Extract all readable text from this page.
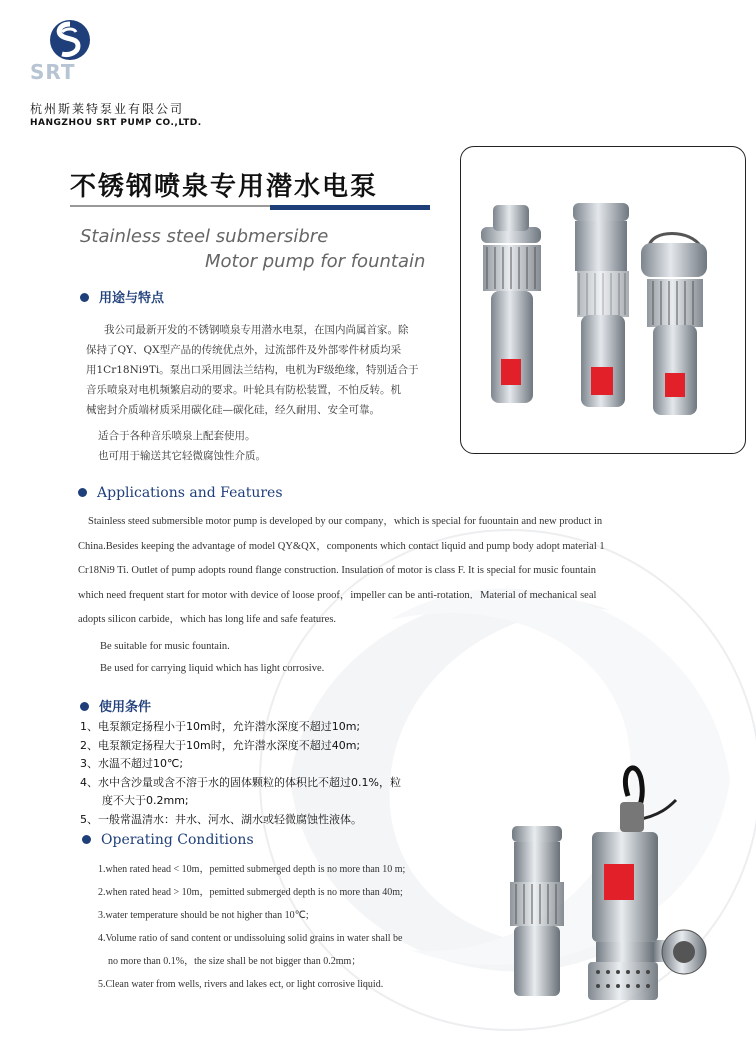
SRT
杭州斯莱特泵业有限公司
HANGZHOU SRT PUMP CO.,LTD.
不锈钢喷泉专用潜水电泵
Stainless steel submersibre
Motor pump for fountain
用途与特点
我公司最新开发的不锈钢喷泉专用潜水电泵，在国内尚属首家。除
保持了QY、QX型产品的传统优点外，过流部件及外部零件材质均采
用1Cr18Ni9Ti。泵出口采用圆法兰结构，电机为F级绝缘，特别适合于
音乐喷泉对电机频繁启动的要求。叶轮具有防松装置，不怕反转。机
械密封介质端材质采用碳化硅—碳化硅，经久耐用、安全可靠。
适合于各种音乐喷泉上配套使用。
也可用于输送其它轻微腐蚀性介质。
Applications and Features
Stainless steed submersible motor pump is developed by our company，which is special for fuountain and new product in
China.Besides keeping the advantage of model QY&QX，components which contact liquid and pump body adopt material 1
Cr18Ni9 Ti. Outlet of pump adopts round flange construction. Insulation of motor is class F. It is special for music fountain
which need frequent start for motor with device of loose proof，impeller can be anti-rotation．Material of mechanical seal
adopts silicon carbide，which has long life and safe features.
Be suitable for music fountain.
Be used for carrying liquid which has light corrosive.
使用条件
1、电泵额定扬程小于10m时，允许潜水深度不超过10m;
2、电泵额定扬程大于10m时，允许潜水深度不超过40m;
3、水温不超过10℃;
4、水中含沙量或含不溶于水的固体颗粒的体积比不超过0.1%，粒
　　度不大于0.2mm;
5、一般常温清水：井水、河水、湖水或轻微腐蚀性液体。
Operating Conditions
1.when rated head < 10m，pemitted submerged depth is no more than 10 m;
2.when rated head > 10m，pemitted submerged depth is no more than 40m;
3.water temperature should be not higher than 10℃;
4.Volume ratio of sand content or undissoluing solid grains in water shall be
　no more than 0.1%，the size shall be not bigger than 0.2mm；
5.Clean water from wells, rivers and lakes ect, or light corrosive liquid.
